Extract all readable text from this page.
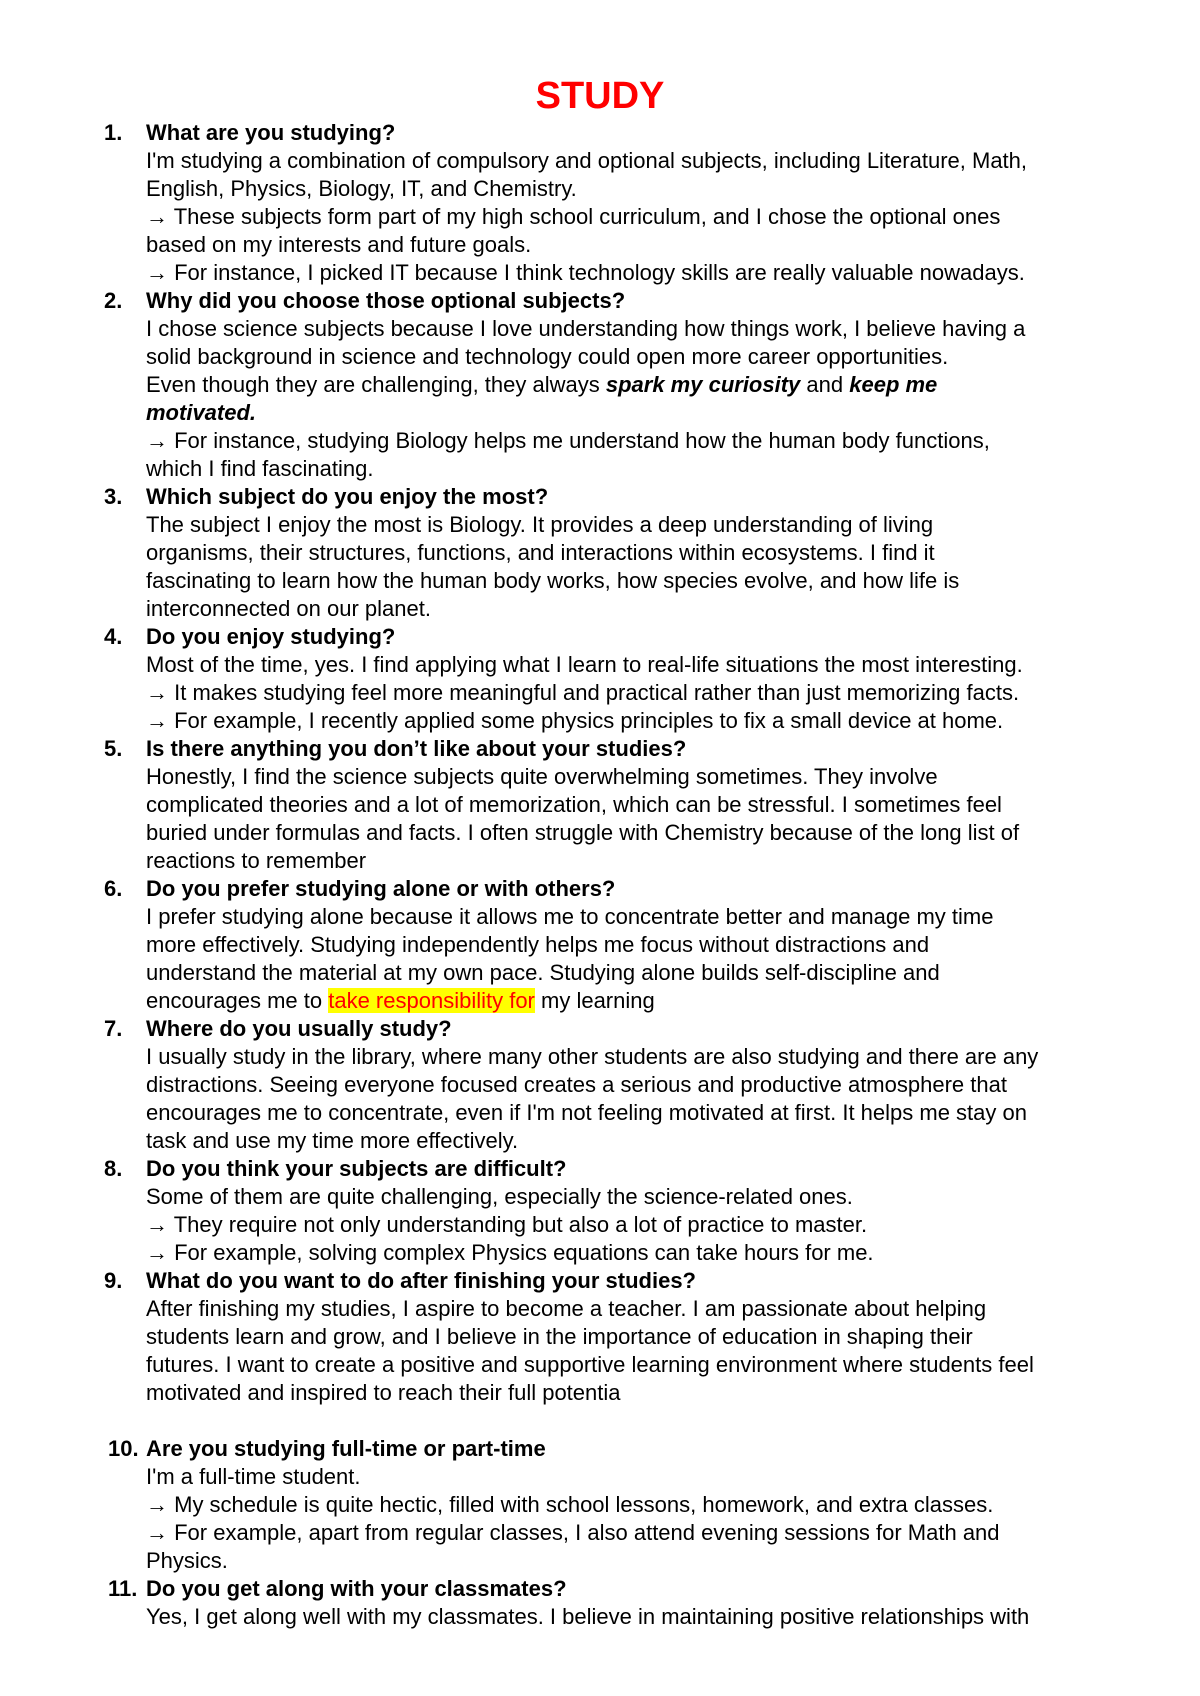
STUDY
1.	What are you studying?
I'm studying a combination of compulsory and optional subjects, including Literature, Math,
English, Physics, Biology, IT, and Chemistry.
→ These subjects form part of my high school curriculum, and I chose the optional ones
based on my interests and future goals.
→ For instance, I picked IT because I think technology skills are really valuable nowadays.
2.	Why did you choose those optional subjects?
I chose science subjects because I love understanding how things work, I believe having a
solid background in science and technology could open more career opportunities.
Even though they are challenging, they always spark my curiosity and keep me
motivated.
→ For instance, studying Biology helps me understand how the human body functions,
which I find fascinating.
3.	Which subject do you enjoy the most?
The subject I enjoy the most is Biology. It provides a deep understanding of living
organisms, their structures, functions, and interactions within ecosystems. I find it
fascinating to learn how the human body works, how species evolve, and how life is
interconnected on our planet.
4.	Do you enjoy studying?
Most of the time, yes. I find applying what I learn to real-life situations the most interesting.
→ It makes studying feel more meaningful and practical rather than just memorizing facts.
→ For example, I recently applied some physics principles to fix a small device at home.
5.	Is there anything you don’t like about your studies?
Honestly, I find the science subjects quite overwhelming sometimes. They involve
complicated theories and a lot of memorization, which can be stressful. I sometimes feel
buried under formulas and facts. I often struggle with Chemistry because of the long list of
reactions to remember
6.	Do you prefer studying alone or with others?
I prefer studying alone because it allows me to concentrate better and manage my time
more effectively. Studying independently helps me focus without distractions and
understand the material at my own pace. Studying alone builds self-discipline and
encourages me to take responsibility for my learning
7.	Where do you usually study?
I usually study in the library, where many other students are also studying and there are any
distractions. Seeing everyone focused creates a serious and productive atmosphere that
encourages me to concentrate, even if I'm not feeling motivated at first. It helps me stay on
task and use my time more effectively.
8.	Do you think your subjects are difficult?
Some of them are quite challenging, especially the science-related ones.
→ They require not only understanding but also a lot of practice to master.
→ For example, solving complex Physics equations can take hours for me.
9.	What do you want to do after finishing your studies?
After finishing my studies, I aspire to become a teacher. I am passionate about helping
students learn and grow, and I believe in the importance of education in shaping their
futures. I want to create a positive and supportive learning environment where students feel
motivated and inspired to reach their full potentia
10. Are you studying full-time or part-time
I'm a full-time student.
→ My schedule is quite hectic, filled with school lessons, homework, and extra classes.
→ For example, apart from regular classes, I also attend evening sessions for Math and
Physics.
11. Do you get along with your classmates?
Yes, I get along well with my classmates. I believe in maintaining positive relationships with
